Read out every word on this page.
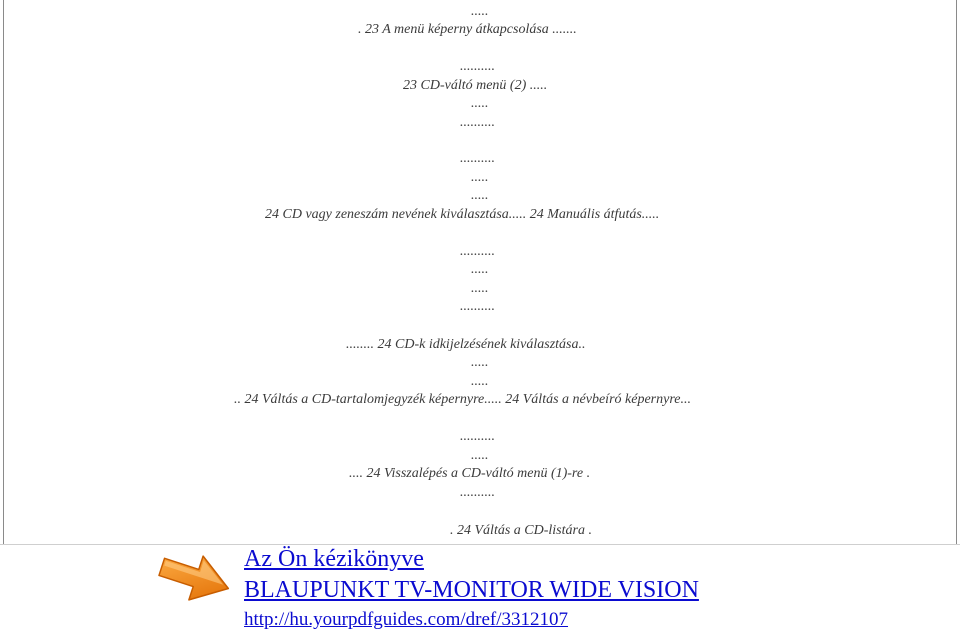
.....
. 23 A menü képerny átkapcsolása .......
..........
23 CD-váltó menü (2) .....
.....
..........
..........
.....
.....
24 CD vagy zeneszám nevének kiválasztása..... 24 Manuális átfutás.....
..........
.....
.....
..........
........ 24 CD-k idkijelzésének kiválasztása..
.....
.....
.. 24 Váltás a CD-tartalomjegyzék képernyre..... 24 Váltás a névbeíró képernyre...
..........
.....
.... 24 Visszalépés a CD-váltó menü (1)-re .
..........
. 24 Váltás a CD-listára .
Az Ön kézikönyve
BLAUPUNKT TV-MONITOR WIDE VISION
http://hu.yourpdfguides.com/dref/3312107
